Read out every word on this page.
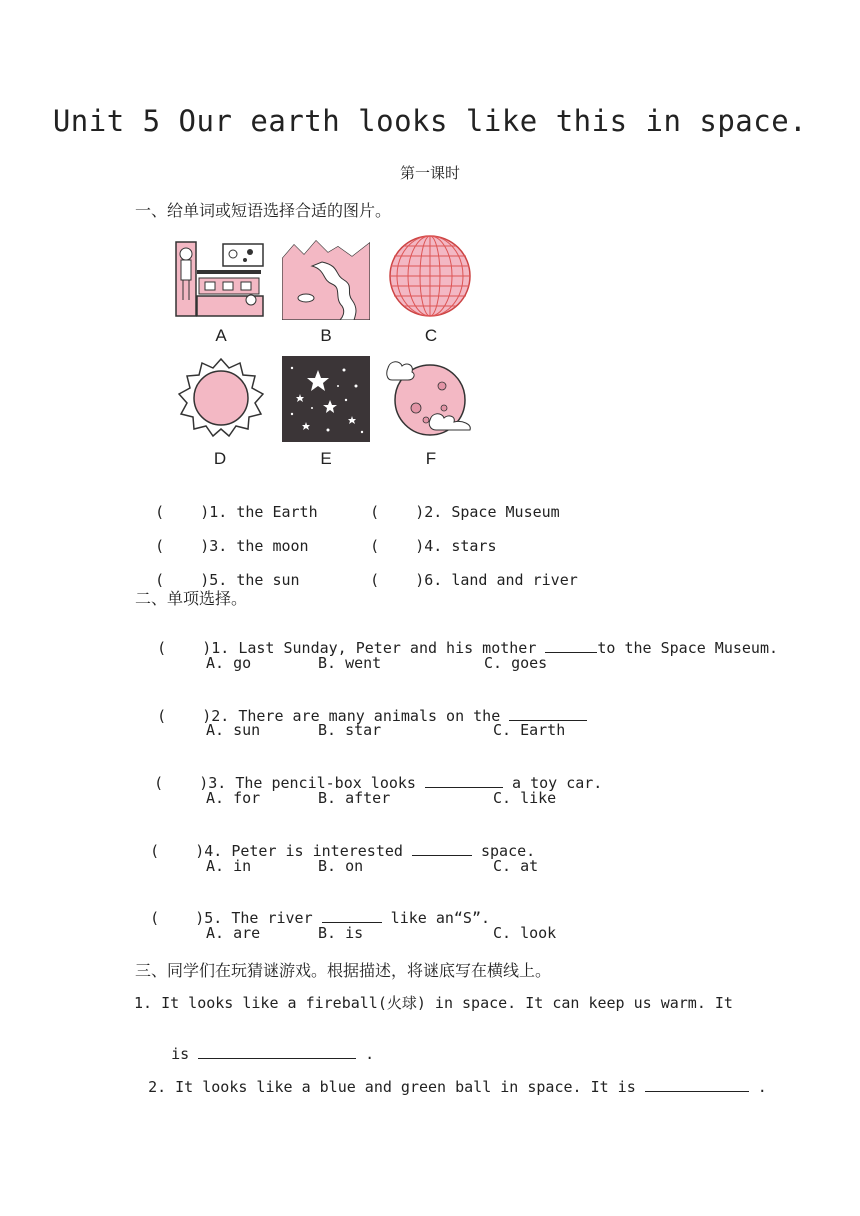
Unit 5 Our earth looks like this in space.
第一课时
一、给单词或短语选择合适的图片。
A	B	C
D	E	F

(    )1. the Earth	(    )2. Space Museum

(    )3. the moon	(    )4. stars

(    )5. the sun	(    )6. land and river

二、单项选择。

(    )1. Last Sunday, Peter and his mother	to the Space Museum.

A. go	B. went	C. goes

(    )2. There are many animals on the

A. sun	B. star	C. Earth

(    )3. The pencil-box looks	a toy car.

A. for	B. after	C. like

(    )4. Peter is interested	space.

A. in	B. on	C. at

(    )5. The river	like an“S”.

A. are	B. is	C. look
三、同学们在玩猜谜游戏。根据描述，将谜底写在横线上。
1. It looks like a fireball(火球) in space. It can keep us warm. It

is	.

2. It looks like a blue and green ball in space. It is	.
